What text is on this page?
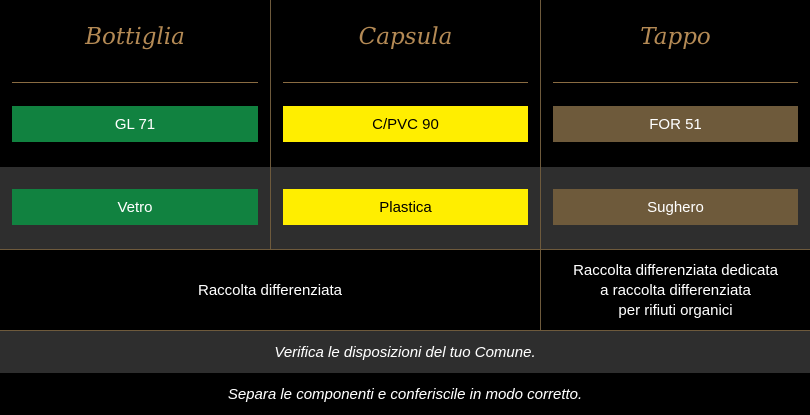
Bottiglia
GL 71
Vetro
Capsula
C/PVC 90
Plastica
Tappo
FOR 51
Sughero
Raccolta differenziata
Raccolta differenziata dedicata
a raccolta differenziata
per rifiuti organici
Verifica le disposizioni del tuo Comune.
Separa le componenti e conferiscile in modo corretto.
